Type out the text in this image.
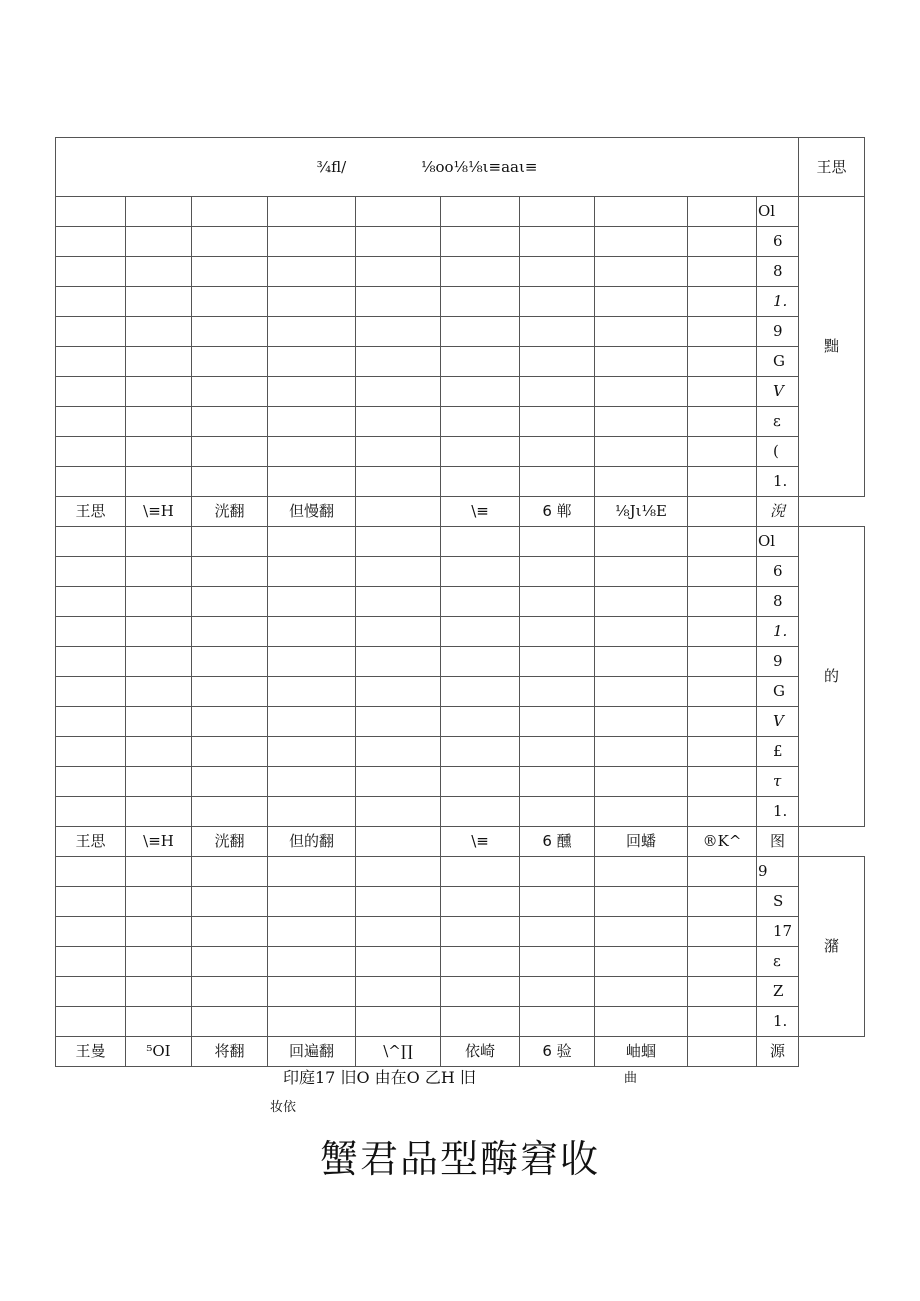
¾fl/ ⅛oo⅛⅛ι≡aaι≡										王思
									Ol	黜
									6	
									8	
									1.	
									9	
									G	
									V	
									ε	
									(	
									1.	
王思	\≡H	洸翻	但慢翻		\≡	6 郸	⅛Jι⅛E		淣	
									Ol	的
									6	
									8	
									1.	
									9	
									G	
									V	
									£	
									τ	
									1.	
王思	\≡H	洸翻	但的翻		\≡	6 醺	回蟠	®K^	图	
									9	潴
									S	
									17	
									ε	
									Z	
									1.	
王曼	⁵OI	将翻	回遍翻	\^∏	依崎	6 验	岫蝈		源	
印庭17 旧O 由在O 乙H 旧	曲
妆依
蟹君品型酶窘收
